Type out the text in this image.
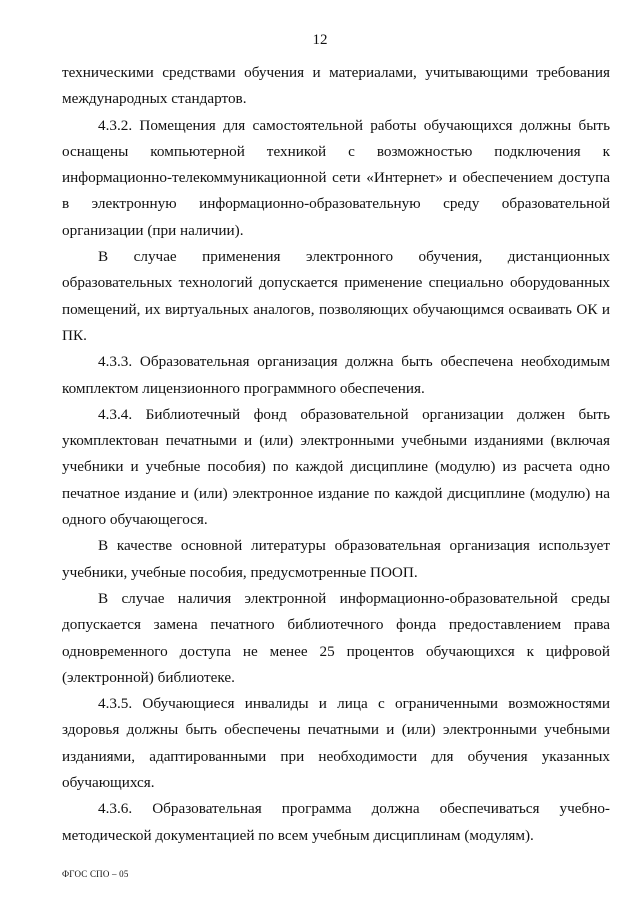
12

техническими средствами обучения и материалами, учитывающими требования международных стандартов.

4.3.2. Помещения для самостоятельной работы обучающихся должны быть оснащены компьютерной техникой с возможностью подключения к информационно-телекоммуникационной сети «Интернет» и обеспечением доступа в электронную информационно-образовательную среду образовательной организации (при наличии).

В случае применения электронного обучения, дистанционных образовательных технологий допускается применение специально оборудованных помещений, их виртуальных аналогов, позволяющих обучающимся осваивать ОК и ПК.

4.3.3. Образовательная организация должна быть обеспечена необходимым комплектом лицензионного программного обеспечения.

4.3.4. Библиотечный фонд образовательной организации должен быть укомплектован печатными и (или) электронными учебными изданиями (включая учебники и учебные пособия) по каждой дисциплине (модулю) из расчета одно печатное издание и (или) электронное издание по каждой дисциплине (модулю) на одного обучающегося.

В качестве основной литературы образовательная организация использует учебники, учебные пособия, предусмотренные ПООП.

В случае наличия электронной информационно-образовательной среды допускается замена печатного библиотечного фонда предоставлением права одновременного доступа не менее 25 процентов обучающихся к цифровой (электронной) библиотеке.

4.3.5. Обучающиеся инвалиды и лица с ограниченными возможностями здоровья должны быть обеспечены печатными и (или) электронными учебными изданиями, адаптированными при необходимости для обучения указанных обучающихся.

4.3.6. Образовательная программа должна обеспечиваться учебно-методической документацией по всем учебным дисциплинам (модулям).

ФГОС СПО – 05
